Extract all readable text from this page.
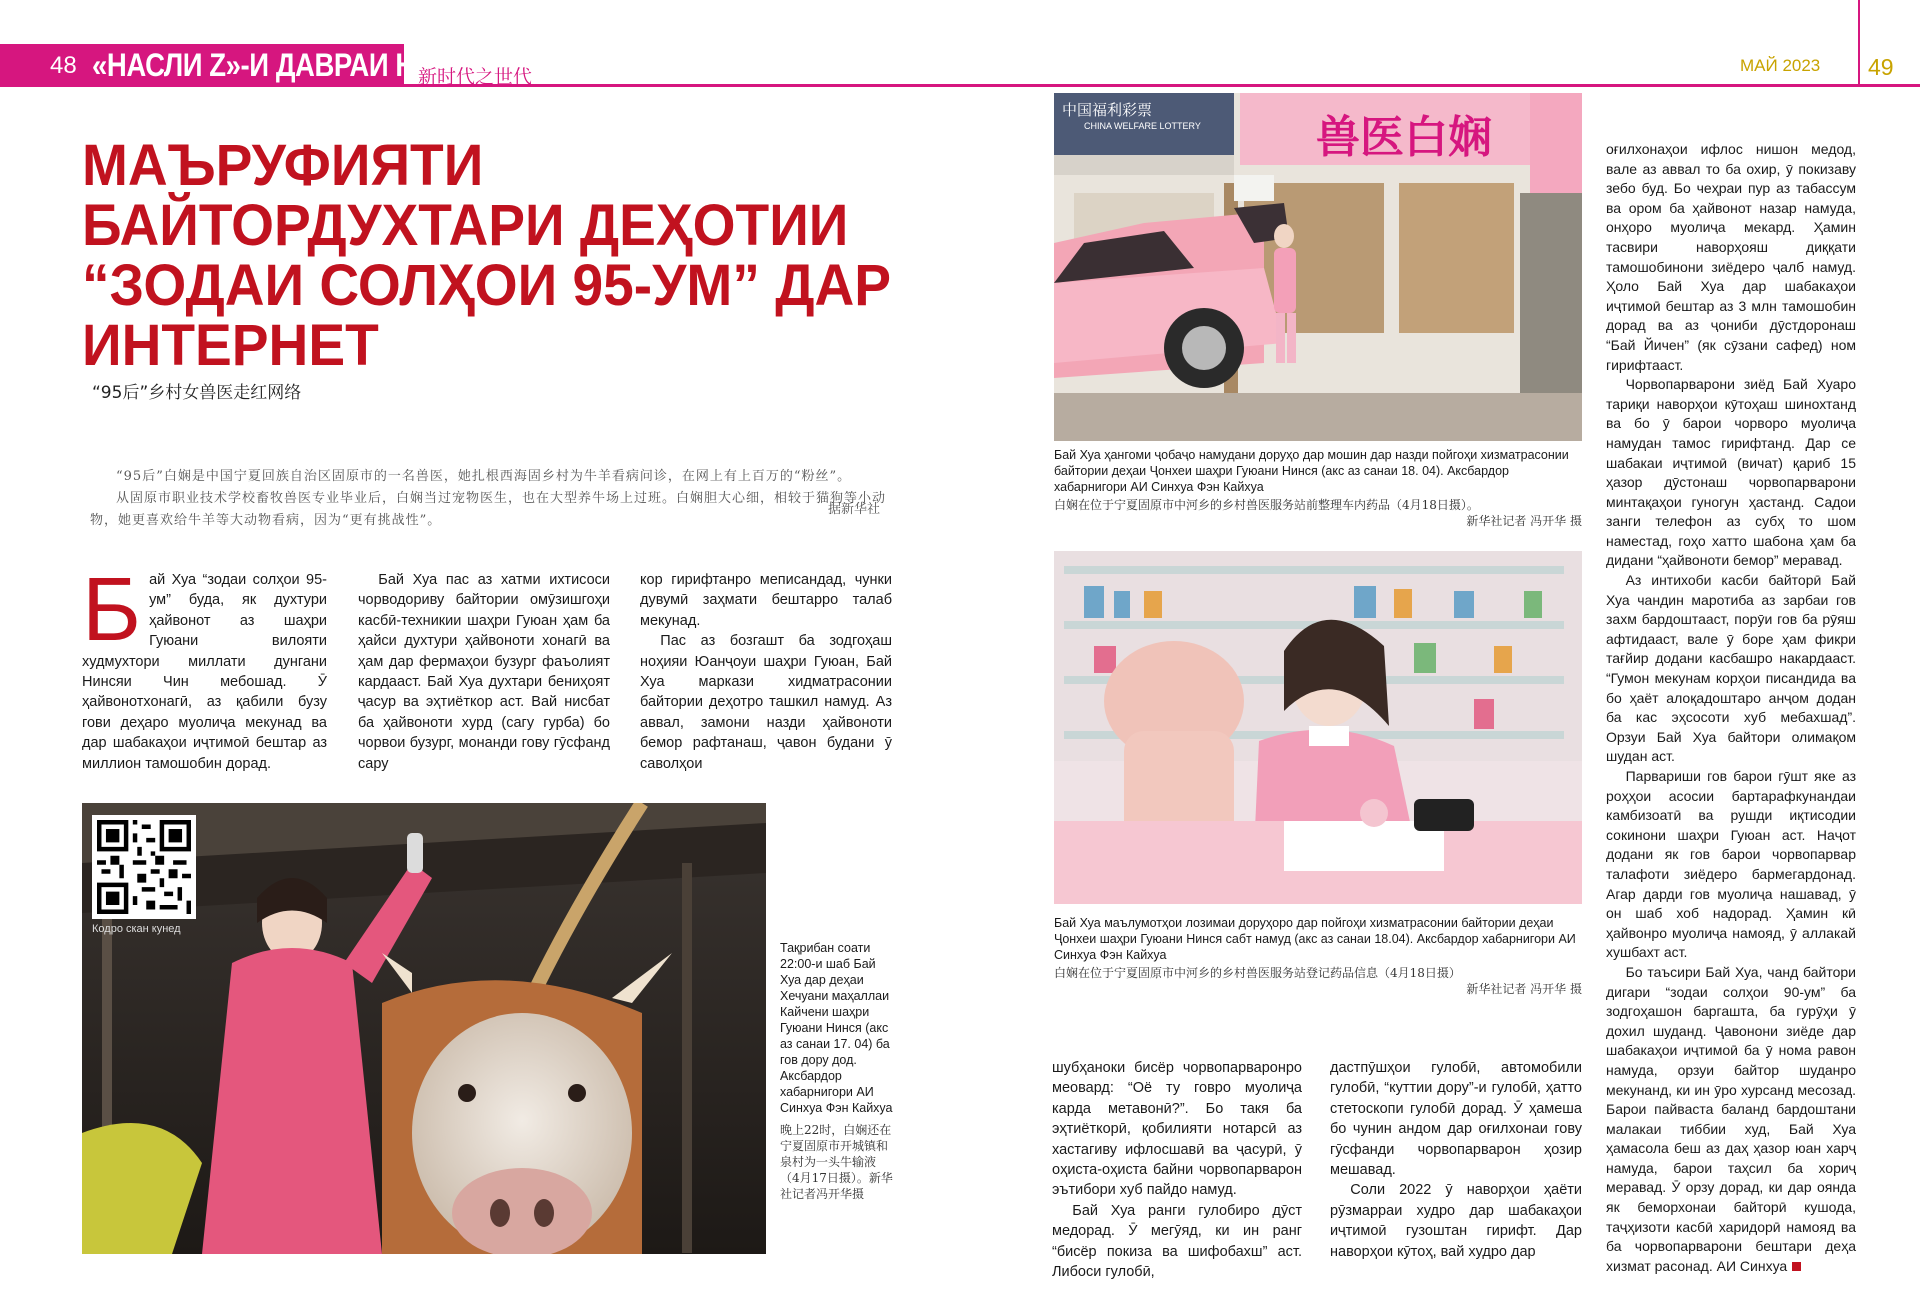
48 «НАСЛИ Z»-И ДАВРАИ НАВ
新时代之世代
МАЙ 2023 49
МАЪРУФИЯТИ БАЙТОРДУХТАРИ ДЕҲОТИИ “ЗОДАИ СОЛҲОИ 95-УМ” ДАР ИНТЕРНЕТ
“95后”乡村女兽医走红网络

“95后”白娴是中国宁夏回族自治区固原市的一名兽医，她扎根西海固乡村为牛羊看病问诊，在网上有上百万的“粉丝”。

从固原市职业技术学校畜牧兽医专业毕业后，白娴当过宠物医生，也在大型养牛场上过班。白娴胆大心细，相较于猫狗等小动物，她更喜欢给牛羊等大动物看病，因为“更有挑战性”。

据新华社

Бай Хуа “зодаи солҳои 95-ум” буда, як духтури ҳайвонот аз шаҳри Гуюани вилояти худмухтори миллати дунгани Нинсяи Чин мебошад. Ӯ ҳайвонотхонагӣ, аз қабили бузу гови деҳаро муолиҷа мекунад ва дар шабакаҳои иҷтимоӣ бештар аз миллион тамошобин дорад.

Бай Хуа пас аз хатми ихтисоси чорводориву байтории омӯзишгоҳи касбӣ-техникии шаҳри Гуюан ҳам ба ҳайси духтури ҳайвоноти хонагӣ ва ҳам дар фермаҳои бузург фаъолият кардааст. Бай Хуа духтари бениҳоят ҷасур ва эҳтиёткор аст. Вай нисбат ба ҳайвоноти хурд (сагу гурба) бо чорвои бузург, монанди гову гӯсфанд сару

кор гирифтанро меписандад, чунки дувумӣ заҳмати бештарро талаб мекунад.

Пас аз бозгашт ба зодгоҳаш ноҳияи Юанҷоуи шаҳри Гуюан, Бай Хуа маркази хидматрасонии байтории деҳотро ташкил намуд. Аз аввал, замони назди ҳайвоноти бемор рафтанаш, ҷавон будани ӯ саволҳои

Кодро скан кунед
Тақрибан соати 22:00-и шаб Бай Хуа дар деҳаи Хечуани маҳаллаи Кайчени шаҳри Гуюани Нинся (акс аз санаи 17. 04) ба гов дору дод. Аксбардор хабарнигори АИ Синхуа Фэн Кайхуа
晚上22时，白娴还在宁夏固原市开城镇和泉村为一头牛输液（4月17日摄）。新华社记者冯开华摄
中国福利彩票
CHINA WELFARE LOTTERY	兽医白娴
Бай Хуа ҳангоми ҷобаҷо намудани доруҳо дар мошин дар назди пойгоҳи хизматрасонии байтории деҳаи Ҷонхеи шаҳри Гуюани Нинся (акс аз санаи 18. 04). Аксбардор хабарнигори АИ Синхуа Фэн Кайхуа
白娴在位于宁夏固原市中河乡的乡村兽医服务站前整理车内药品（4月18日摄）。
新华社记者 冯开华 摄
Бай Хуа маълумотҳои лозимаи доруҳоро дар пойгоҳи хизматрасонии байтории деҳаи Ҷонхеи шаҳри Гуюани Нинся сабт намуд (акс аз санаи 18.04). Аксбардор хабарнигори АИ Синхуа Фэн Кайхуа
白娴在位于宁夏固原市中河乡的乡村兽医服务站登记药品信息（4月18日摄）
新华社记者 冯开华 摄

шубҳаноки бисёр чорвопарваронро меовард: “Оё ту говро муолиҷа карда метавонӣ?”. Бо такя ба эҳтиёткорӣ, қобилияти нотарсӣ аз хастагиву ифлосшавӣ ва ҷасурӣ, ӯ оҳиста-оҳиста байни чорвопарварон эътибори хуб пайдо намуд.

Бай Хуа ранги гулобиро дӯст медорад. Ӯ мегӯяд, ки ин ранг “бисёр покиза ва шифобахш” аст. Либоси гулобӣ,

дастпӯшҳои гулобӣ, автомобили гулобӣ, “куттии дору”-и гулобӣ, ҳатто стетоскопи гулобӣ дорад. Ӯ ҳамеша бо чунин андом дар оғилхонаи гову гӯсфанди чорвопарварон ҳозир мешавад.

Соли 2022 ӯ наворҳои ҳаёти рӯзмарраи худро дар шабакаҳои иҷтимоӣ гузоштан гирифт. Дар наворҳои кӯтоҳ, вай худро дар

оғилхонаҳои ифлос нишон медод, вале аз аввал то ба охир, ӯ покизаву зебо буд. Бо чеҳраи пур аз табассум ва ором ба ҳайвонот назар намуда, онҳоро муолиҷа мекард. Ҳамин тасвири наворҳояш диққати тамошобинони зиёдеро ҷалб намуд. Ҳоло Бай Хуа дар шабакаҳои иҷтимоӣ бештар аз 3 млн тамошобин дорад ва аз ҷониби дӯстдоронаш “Бай Йичен” (як сӯзани сафед) ном гирифтааст.

Чорвопарварони зиёд Бай Хуаро тариқи наворҳои кӯтоҳаш шинохтанд ва бо ӯ барои чорворо муолиҷа намудан тамос гирифтанд. Дар се шабакаи иҷтимоӣ (вичат) қариб 15 ҳазор дӯстонаш чорвопарварони минтақаҳои гуногун ҳастанд. Садои занги телефон аз субҳ то шом наместад, гоҳо хатто шабона ҳам ба дидани “ҳайвоноти бемор” меравад.

Аз интихоби касби байторӣ Бай Хуа чандин маротиба аз зарбаи гов захм бардоштааст, порӯи гов ба рӯяш афтидааст, вале ӯ боре ҳам фикри тағйир додани касбашро накардааст. “Гумон мекунам корҳои писандида ва бо ҳаёт алоқадоштаро анҷом додан ба кас эҳсосоти хуб мебахшад”. Орзуи Бай Хуа байтори олимақом шудан аст.

Парвариши гов барои гӯшт яке аз роҳҳои асосии бартарафкунандаи камбизоатӣ ва рушди иқтисодии сокинони шаҳри Гуюан аст. Наҷот додани як гов барои чорвопарвар талафоти зиёдеро бармегардонад. Агар дарди гов муолиҷа нашавад, ӯ он шаб хоб надорад. Ҳамин кӣ ҳайвонро муолиҷа намояд, ӯ аллакай хушбахт аст.

Бо таъсири Бай Хуа, чанд байтори дигари “зодаи солҳои 90-ум” ба зодгоҳашон баргашта, ба гурӯҳи ӯ дохил шуданд. Ҷавонони зиёде дар шабакаҳои иҷтимоӣ ба ӯ нома равон намуда, орзуи байтор шуданро мекунанд, ки ин ӯро хурсанд месозад. Барои пайваста баланд бардоштани малакаи тиббии худ, Бай Хуа ҳамасола беш аз даҳ ҳазор юан харҷ намуда, барои таҳсил ба хориҷ меравад. Ӯ орзу дорад, ки дар оянда як беморхонаи байторӣ кушода, таҷҳизоти касбӣ харидорӣ намояд ва ба чорвопарварони бештари деҳа хизмат расонад. АИ Синхуа
